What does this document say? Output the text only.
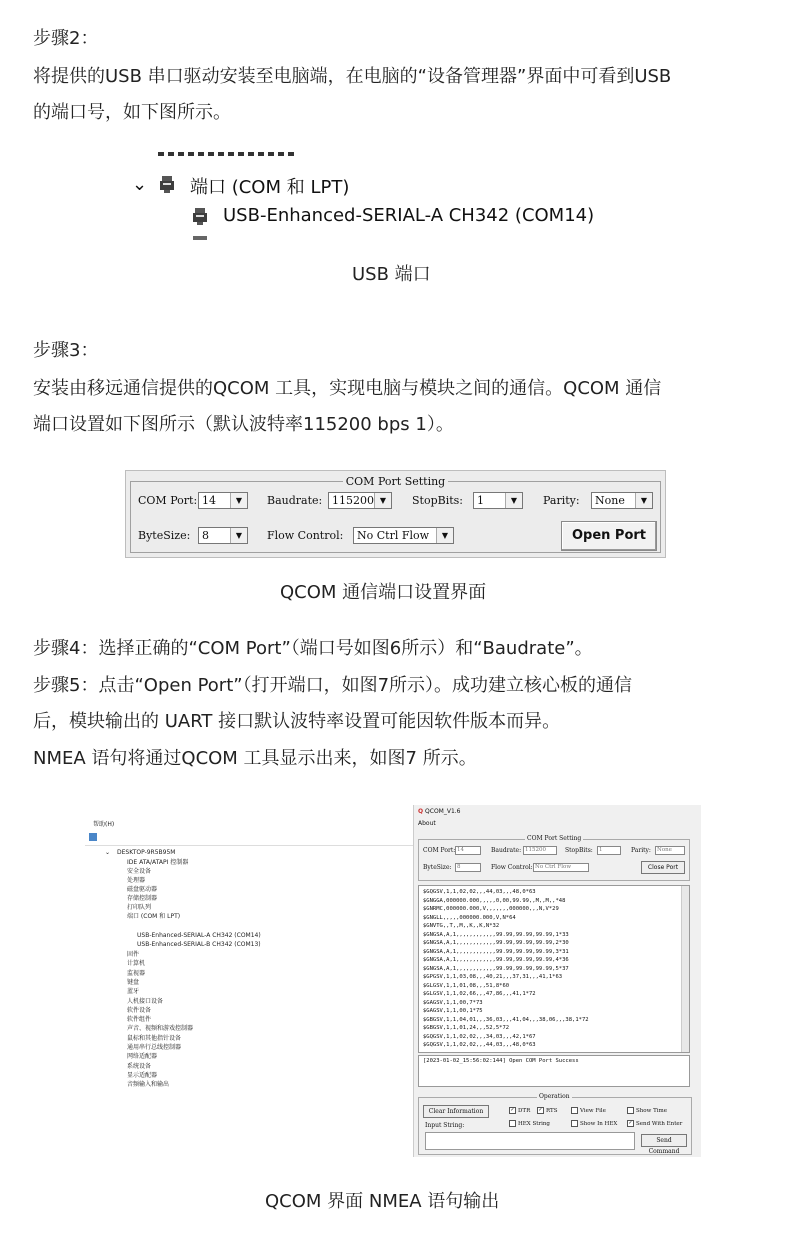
步骤2：
将提供的USB 串口驱动安装至电脑端，在电脑的“设备管理器”界面中可看到USB
的端口号，如下图所示。
⌄ 端口 (COM 和 LPT)
USB-Enhanced-SERIAL-A CH342 (COM14)
USB 端口
步骤3：
安装由移远通信提供的QCOM 工具，实现电脑与模块之间的通信。QCOM 通信
端口设置如下图所示（默认波特率115200 bps 1）。
COM Port Setting
COM Port: 14	▼	Baudrate: 115200 ▼	StopBits:	1	▼	Parity:	None	▼
ByteSize:	8	▼	Flow Control:	No Ctrl Flow	▼	Open Port
QCOM 通信端口设置界面
步骤4：选择正确的“COM Port”（端口号如图6所示）和“Baudrate”。
步骤5：点击“Open Port”（打开端口，如图7所示）。成功建立核心板的通信
后，模块输出的 UART 接口默认波特率设置可能因软件版本而异。
NMEA 语句将通过QCOM 工具显示出来，如图7 所示。
帮助(H)
⌄ DESKTOP-9R5B95M
IDE ATA/ATAPI 控制器
安全设备
处理器
磁盘驱动器
存储控制器
打印队列
端口 (COM 和 LPT)
USB-Enhanced-SERIAL-A CH342 (COM14)
USB-Enhanced-SERIAL-B CH342 (COM13)
固件
计算机
监视器
键盘
蓝牙
人机接口设备
软件设备
软件组件
声音、视频和游戏控制器
鼠标和其他指针设备
通用串行总线控制器
网络适配器
系统设备
显示适配器
音频输入和输出
Q QCOM_V1.6
About
COM Port Setting
COM Port: 14	Baudrate: 115200	StopBits:	1	Parity:	None
ByteSize: 8	Flow Control: No Ctrl Flow	Close Port
$GQGSV,1,1,02,02,,,44,03,,,48,0*63
$GNGGA,000000.000,,,,,0,00,99.99,,M,,M,,*48
$GNRMC,000000.000,V,,,,,,,000000,,,N,V*29
$GNGLL,,,,,000000.000,V,N*64
$GNVTG,,T,,M,,K,,K,N*32
$GNGSA,A,1,,,,,,,,,,,,99.99,99.99,99.99,1*33
$GNGSA,A,1,,,,,,,,,,,,99.99,99.99,99.99,2*30
$GNGSA,A,1,,,,,,,,,,,,99.99,99.99,99.99,3*31
$GNGSA,A,1,,,,,,,,,,,,99.99,99.99,99.99,4*36
$GNGSA,A,1,,,,,,,,,,,,99.99,99.99,99.99,5*37
$GPGSV,1,1,03,08,,,40,21,,,37,31,,,41,1*63
$GLGSV,1,1,01,08,,,51,8*60
$GLGSV,1,1,02,66,,,47,86,,,41,1*72
$GAGSV,1,1,00,7*73
$GAGSV,1,1,00,1*75
$GBGSV,1,1,04,01,,,36,03,,,41,04,,,38,06,,,38,1*72
$GBGSV,1,1,01,24,,,52,5*72
$GQGSV,1,1,02,02,,,34,03,,,42,1*67
$GQGSV,1,1,02,02,,,44,03,,,48,0*63
[2023-01-02_15:56:02:144] Open COM Port Success
Operation
Clear Information	✓ DTR ✓ RTS	View File	Show Time
Input String:	HEX String	Show In HEX ✓ Send With Enter
Send Command
QCOM 界面 NMEA 语句输出
